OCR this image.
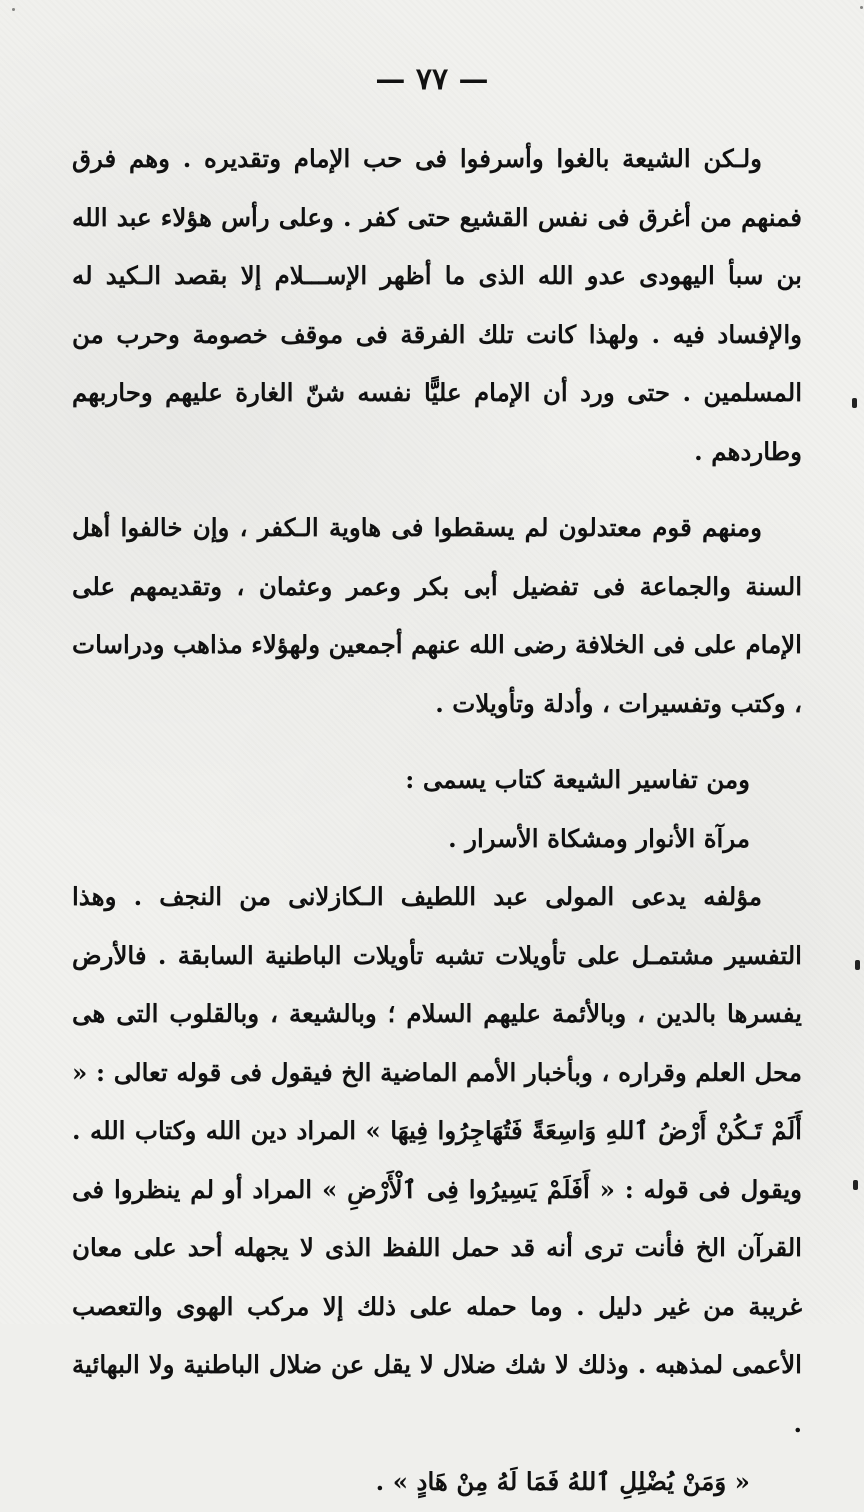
— ٧٧ —

ولـكن الشيعة بالغوا وأسرفوا فى حب الإمام وتقديره . وهم فرق فمنهم من أغرق فى نفس القشيع حتى كفر . وعلى رأس هؤلاء عبد الله بن سبأ اليهودى عدو الله الذى ما أظهر الإســـلام إلا بقصد الـكيد له والإفساد فيه . ولهذا كانت تلك الفرقة فى موقف خصومة وحرب من المسلمين . حتى ورد أن الإمام عليًّا نفسه شنّ الغارة عليهم وحاربهم وطاردهم .

ومنهم قوم معتدلون لم يسقطوا فى هاوية الـكفر ، وإن خالفوا أهل السنة والجماعة فى تفضيل أبى بكر وعمر وعثمان ، وتقديمهم على الإمام على فى الخلافة رضى الله عنهم أجمعين ولهؤلاء مذاهب ودراسات ، وكتب وتفسيرات ، وأدلة وتأويلات .

ومن تفاسير الشيعة كتاب يسمى :

مرآة الأنوار ومشكاة الأسرار .

مؤلفه يدعى المولى عبد اللطيف الـكازلانى من النجف . وهذا التفسير مشتمـل على تأويلات تشبه تأويلات الباطنية السابقة . فالأرض يفسرها بالدين ، وبالأئمة عليهم السلام ؛ وبالشيعة ، وبالقلوب التى هى محل العلم وقراره ، وبأخبار الأمم الماضية الخ فيقول فى قوله تعالى : « أَلَمْ تَـكُنْ أَرْضُ ٱللهِ وَاسِعَةً فَتُهَاجِرُوا فِيهَا » المراد دين الله وكتاب الله . ويقول فى قوله : « أَفَلَمْ يَسِيرُوا فِى ٱلْأَرْضِ » المراد أو لم ينظروا فى القرآن الخ فأنت ترى أنه قد حمل اللفظ الذى لا يجهله أحد على معان غريبة من غير دليل . وما حمله على ذلك إلا مركب الهوى والتعصب الأعمى لمذهبه . وذلك لا شك ضلال لا يقل عن ضلال الباطنية ولا البهائية .

« وَمَنْ يُضْلِلِ ٱللهُ فَمَا لَهُ مِنْ هَادٍ » .
